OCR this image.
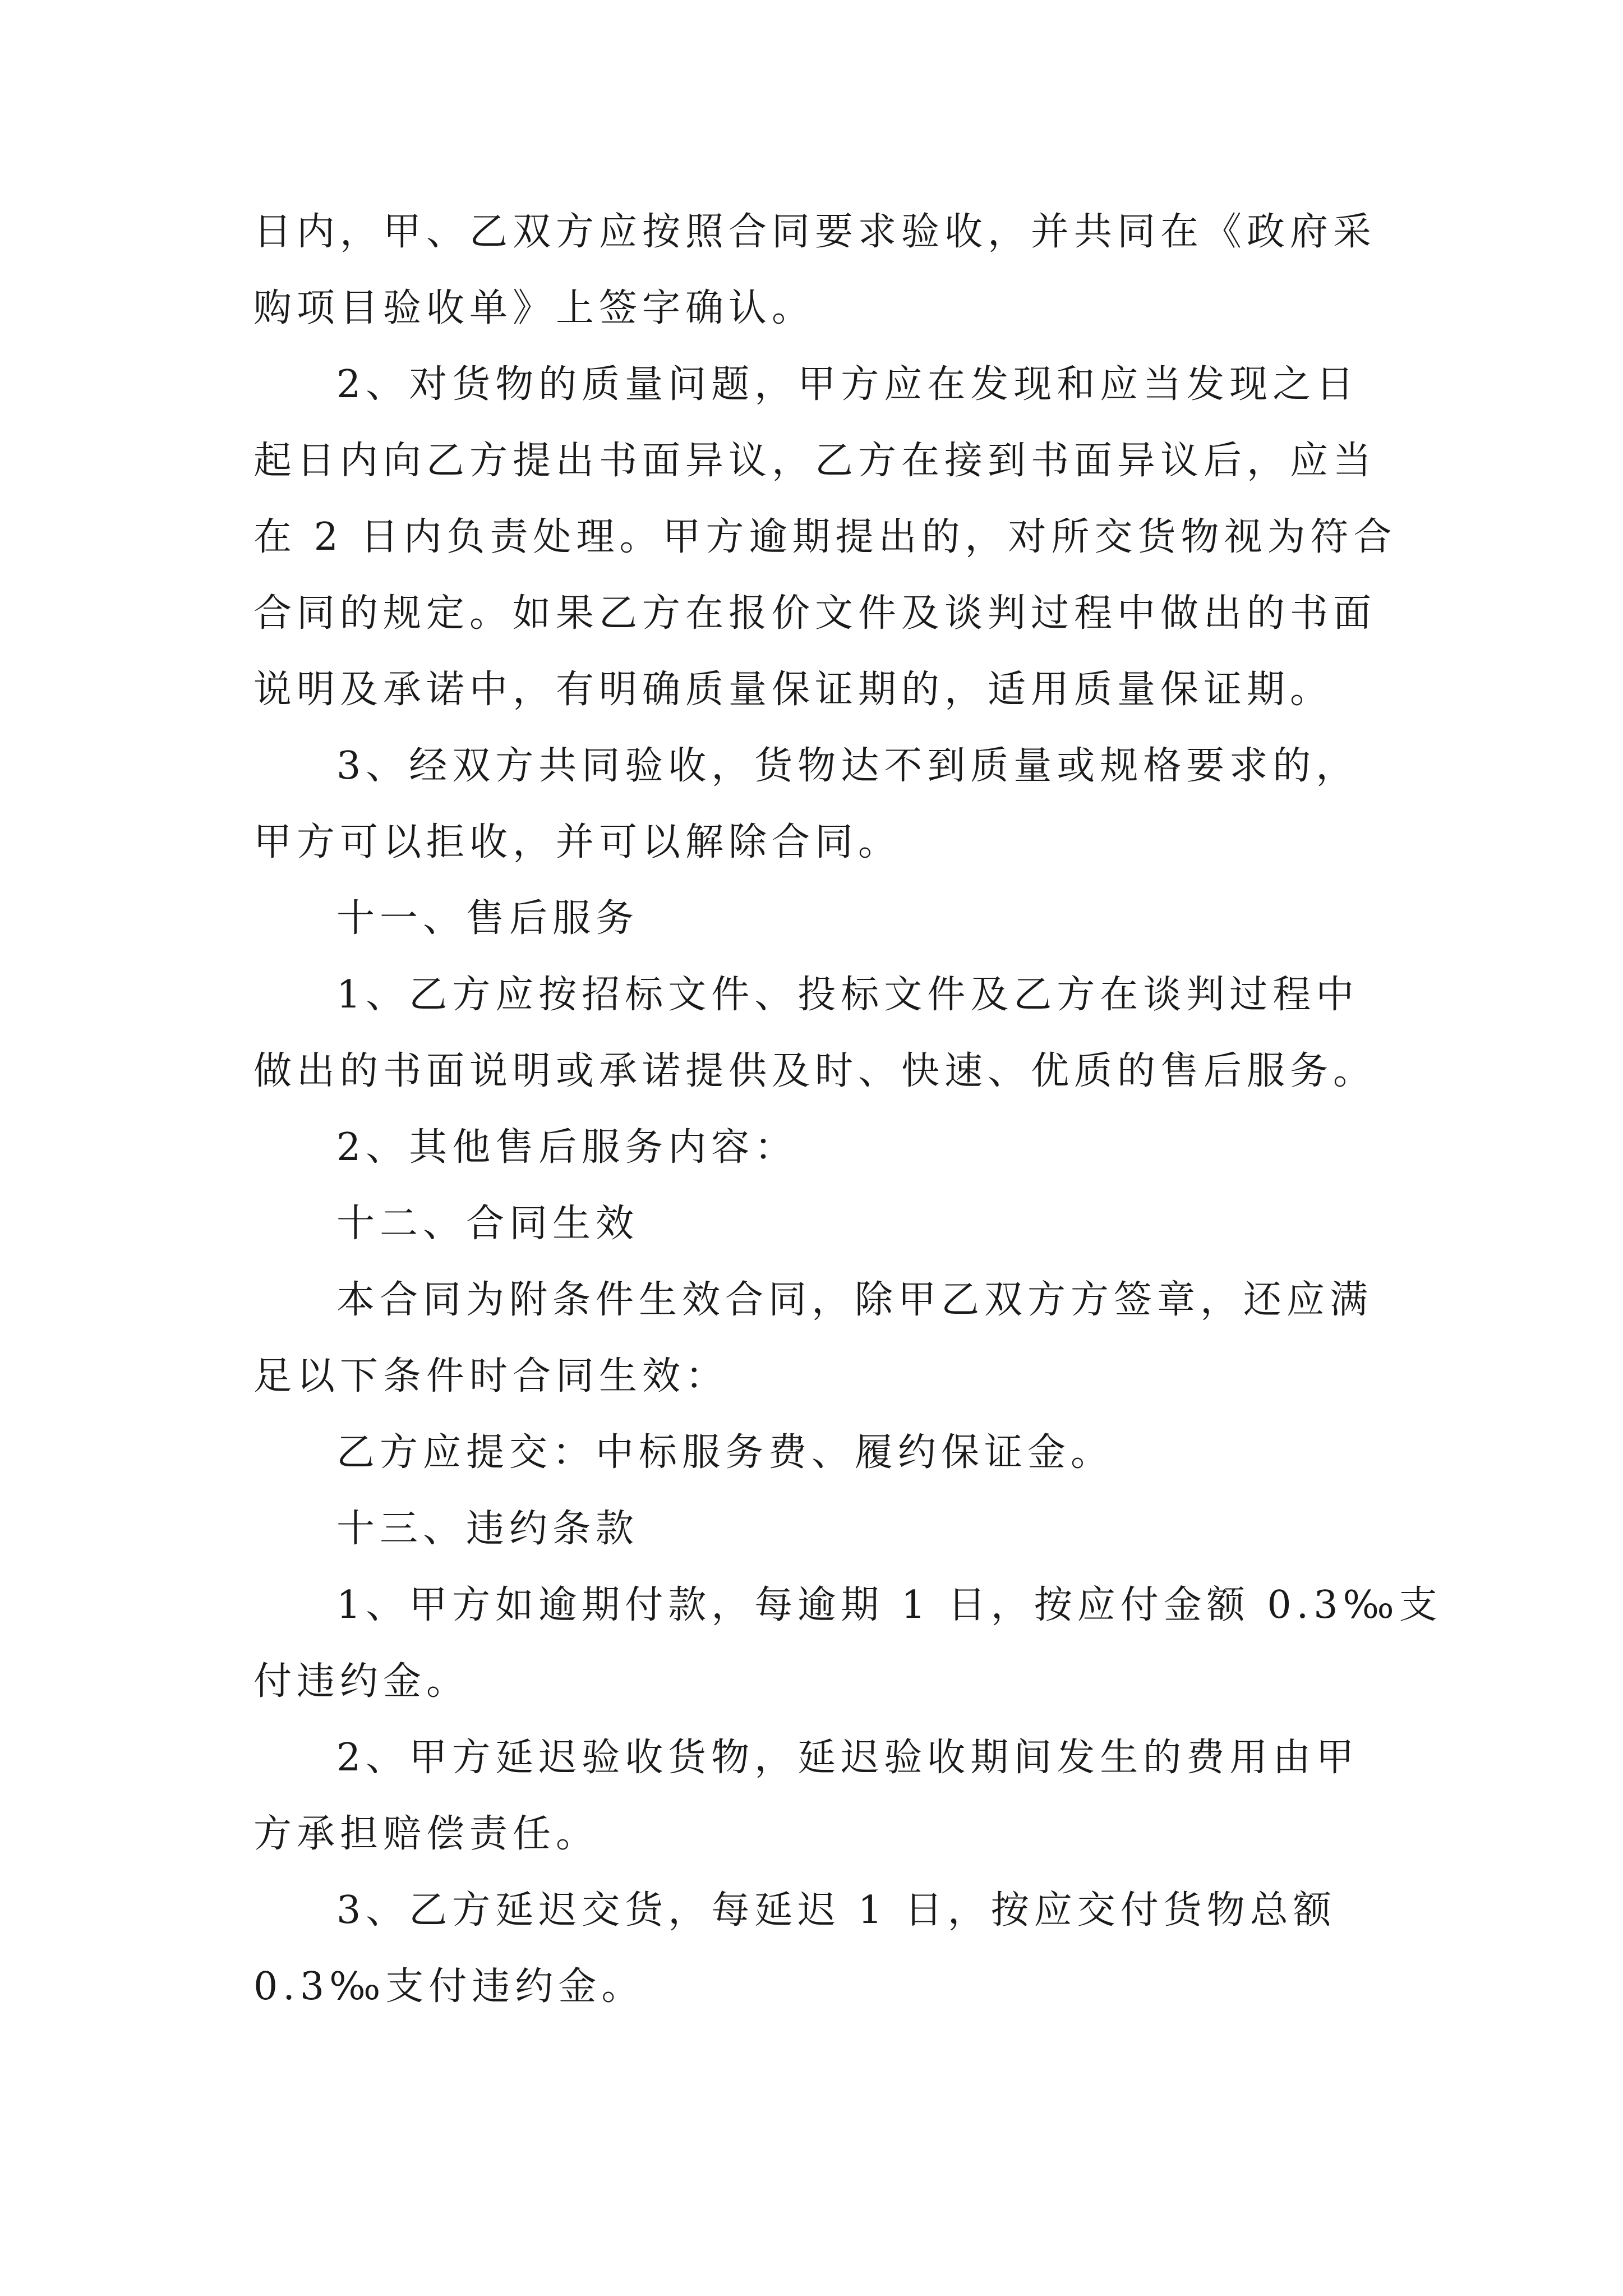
日内，甲、乙双方应按照合同要求验收，并共同在《政府采
购项目验收单》上签字确认。
2、对货物的质量问题，甲方应在发现和应当发现之日
起日内向乙方提出书面异议，乙方在接到书面异议后，应当
在 2 日内负责处理。甲方逾期提出的，对所交货物视为符合
合同的规定。如果乙方在报价文件及谈判过程中做出的书面
说明及承诺中，有明确质量保证期的，适用质量保证期。
3、经双方共同验收，货物达不到质量或规格要求的，
甲方可以拒收，并可以解除合同。
十一、售后服务
1、乙方应按招标文件、投标文件及乙方在谈判过程中
做出的书面说明或承诺提供及时、快速、优质的售后服务。
2、其他售后服务内容：
十二、合同生效
本合同为附条件生效合同，除甲乙双方方签章，还应满
足以下条件时合同生效：
乙方应提交：中标服务费、履约保证金。
十三、违约条款
1、甲方如逾期付款，每逾期 1 日，按应付金额 0.3‰支
付违约金。
2、甲方延迟验收货物，延迟验收期间发生的费用由甲
方承担赔偿责任。
3、乙方延迟交货，每延迟 1 日，按应交付货物总额
0.3‰支付违约金。
